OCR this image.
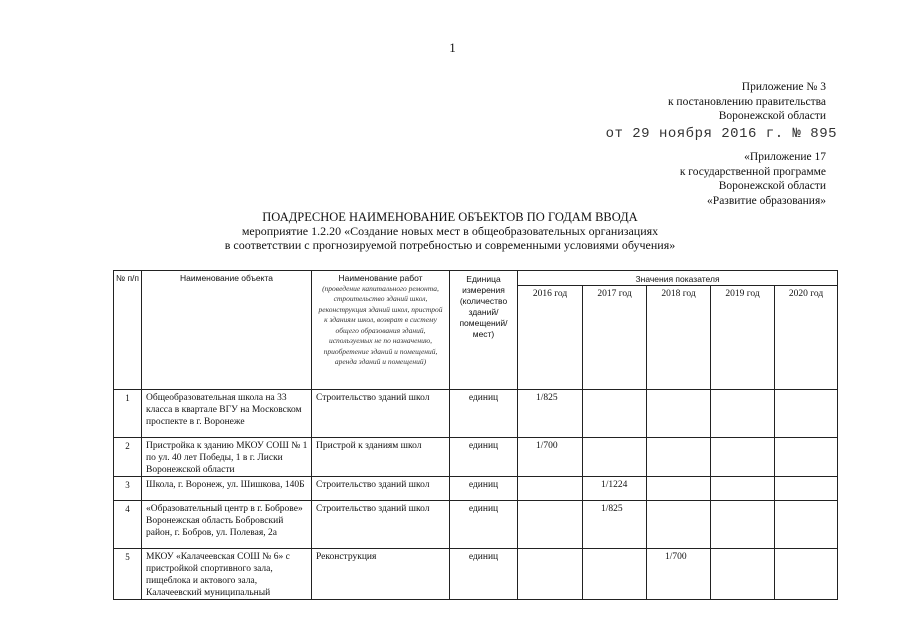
1
Приложение № 3
к постановлению правительства
Воронежской области
от 29 ноября 2016 г. № 895
«Приложение 17
к государственной программе
Воронежской области
«Развитие образования»
ПОАДРЕСНОЕ НАИМЕНОВАНИЕ ОБЪЕКТОВ ПО ГОДАМ ВВОДА
мероприятие 1.2.20 «Создание новых мест в общеобразовательных организациях
в соответствии с прогнозируемой потребностью и современными условиями обучения»
№ п/п	Наименование объекта	Наименование работ
(проведение капитального ремонта, строительство зданий школ, реконструкция зданий школ, пристрой к зданиям школ, возврат в систему общего образования зданий, используемых не по назначению, приобретение зданий и помещений, аренда зданий и помещений)	Единица измерения (количество зданий/ помещений/ мест)	Значения показателя				
				2016 год	2017 год	2018 год	2019 год	2020 год
1	Общеобразовательная школа на 33 класса в квартале ВГУ на Московском проспекте в г. Воронеже	Строительство зданий школ	единиц	1/825				
2	Пристройка к зданию МКОУ СОШ № 1 по ул. 40 лет Победы, 1 в г. Лиски Воронежской области	Пристрой к зданиям школ	единиц	1/700				
3	Школа, г. Воронеж, ул. Шишкова, 140Б	Строительство зданий школ	единиц		1/1224			
4	«Образовательный центр в г. Боброве» Воронежская область Бобровский район, г. Бобров, ул. Полевая, 2а	Строительство зданий школ	единиц		1/825			
5	МКОУ «Калачеевская СОШ № 6» с пристройкой спортивного зала, пищеблока и актового зала, Калачеевский муниципальный	Реконструкция	единиц			1/700		
